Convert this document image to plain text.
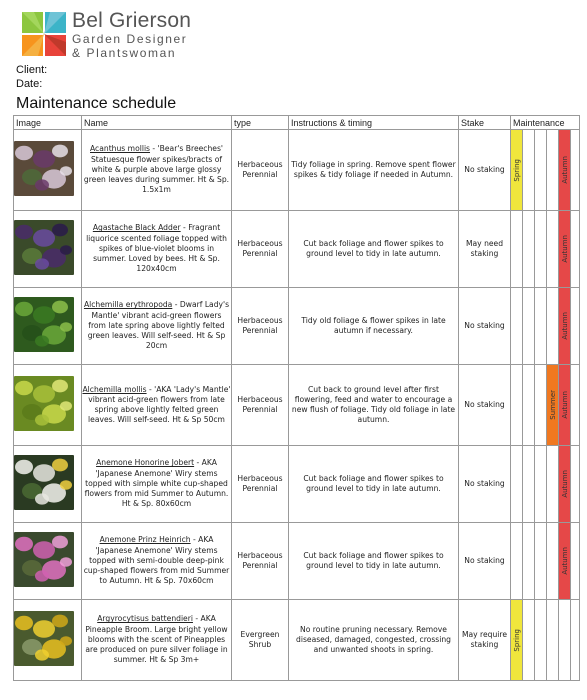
Bel Grierson
Garden Designer
& Plantswoman
Client:
Date:
Maintenance schedule
Image	Name	type	Instructions & timing	Stake	Maintenance					
	Acanthus mollis - 'Bear's Breeches' Statuesque flower spikes/bracts of white & purple above large glossy green leaves during summer. Ht & Sp. 1.5x1m	Herbaceous Perennial	Tidy foliage in spring. Remove spent flower spikes & tidy foliage if needed in Autumn.	No staking	Spring				Autumn	

	Agastache Black Adder - Fragrant liquorice scented foliage topped with spikes of blue-violet blooms in summer. Loved by bees. Ht & Sp. 120x40cm	Herbaceous Perennial	Cut back foliage and flower spikes to ground level to tidy in late autumn.	May need staking					Autumn	

	Alchemilla erythropoda - Dwarf Lady's Mantle' vibrant acid-green flowers from late spring above lightly felted green leaves. Will self-seed. Ht & Sp 20cm	Herbaceous Perennial	Tidy old foliage & flower spikes in late autumn if necessary.	No staking					Autumn	

	Alchemilla mollis - 'AKA 'Lady's Mantle' vibrant acid-green flowers from late spring above lightly felted green leaves. Will self-seed. Ht & Sp 50cm	Herbaceous Perennial	Cut back to ground level after first flowering, feed and water to encourage a new flush of foliage. Tidy old foliage in late autumn.	No staking				Summer	Autumn	

	Anemone Honorine Jobert - AKA 'Japanese Anemone' Wiry stems topped with simple white cup-shaped flowers from mid Summer to Autumn. Ht & Sp. 80x60cm	Herbaceous Perennial	Cut back foliage and flower spikes to ground level to tidy in late autumn.	No staking					Autumn	

	Anemone Prinz Heinrich - AKA 'Japanese Anemone' Wiry stems topped with semi-double deep-pink cup-shaped flowers from mid Summer to Autumn. Ht & Sp. 70x60cm	Herbaceous Perennial	Cut back foliage and flower spikes to ground level to tidy in late autumn.	No staking					Autumn	

	Argyrocytisus battendieri - AKA Pineapple Broom. Large bright yellow blooms with the scent of Pineapples are produced on pure silver foliage in summer. Ht & Sp 3m+	Evergreen Shrub	No routine pruning necessary. Remove diseased, damaged, congested, crossing and unwanted shoots in spring.	May require staking	Spring					
